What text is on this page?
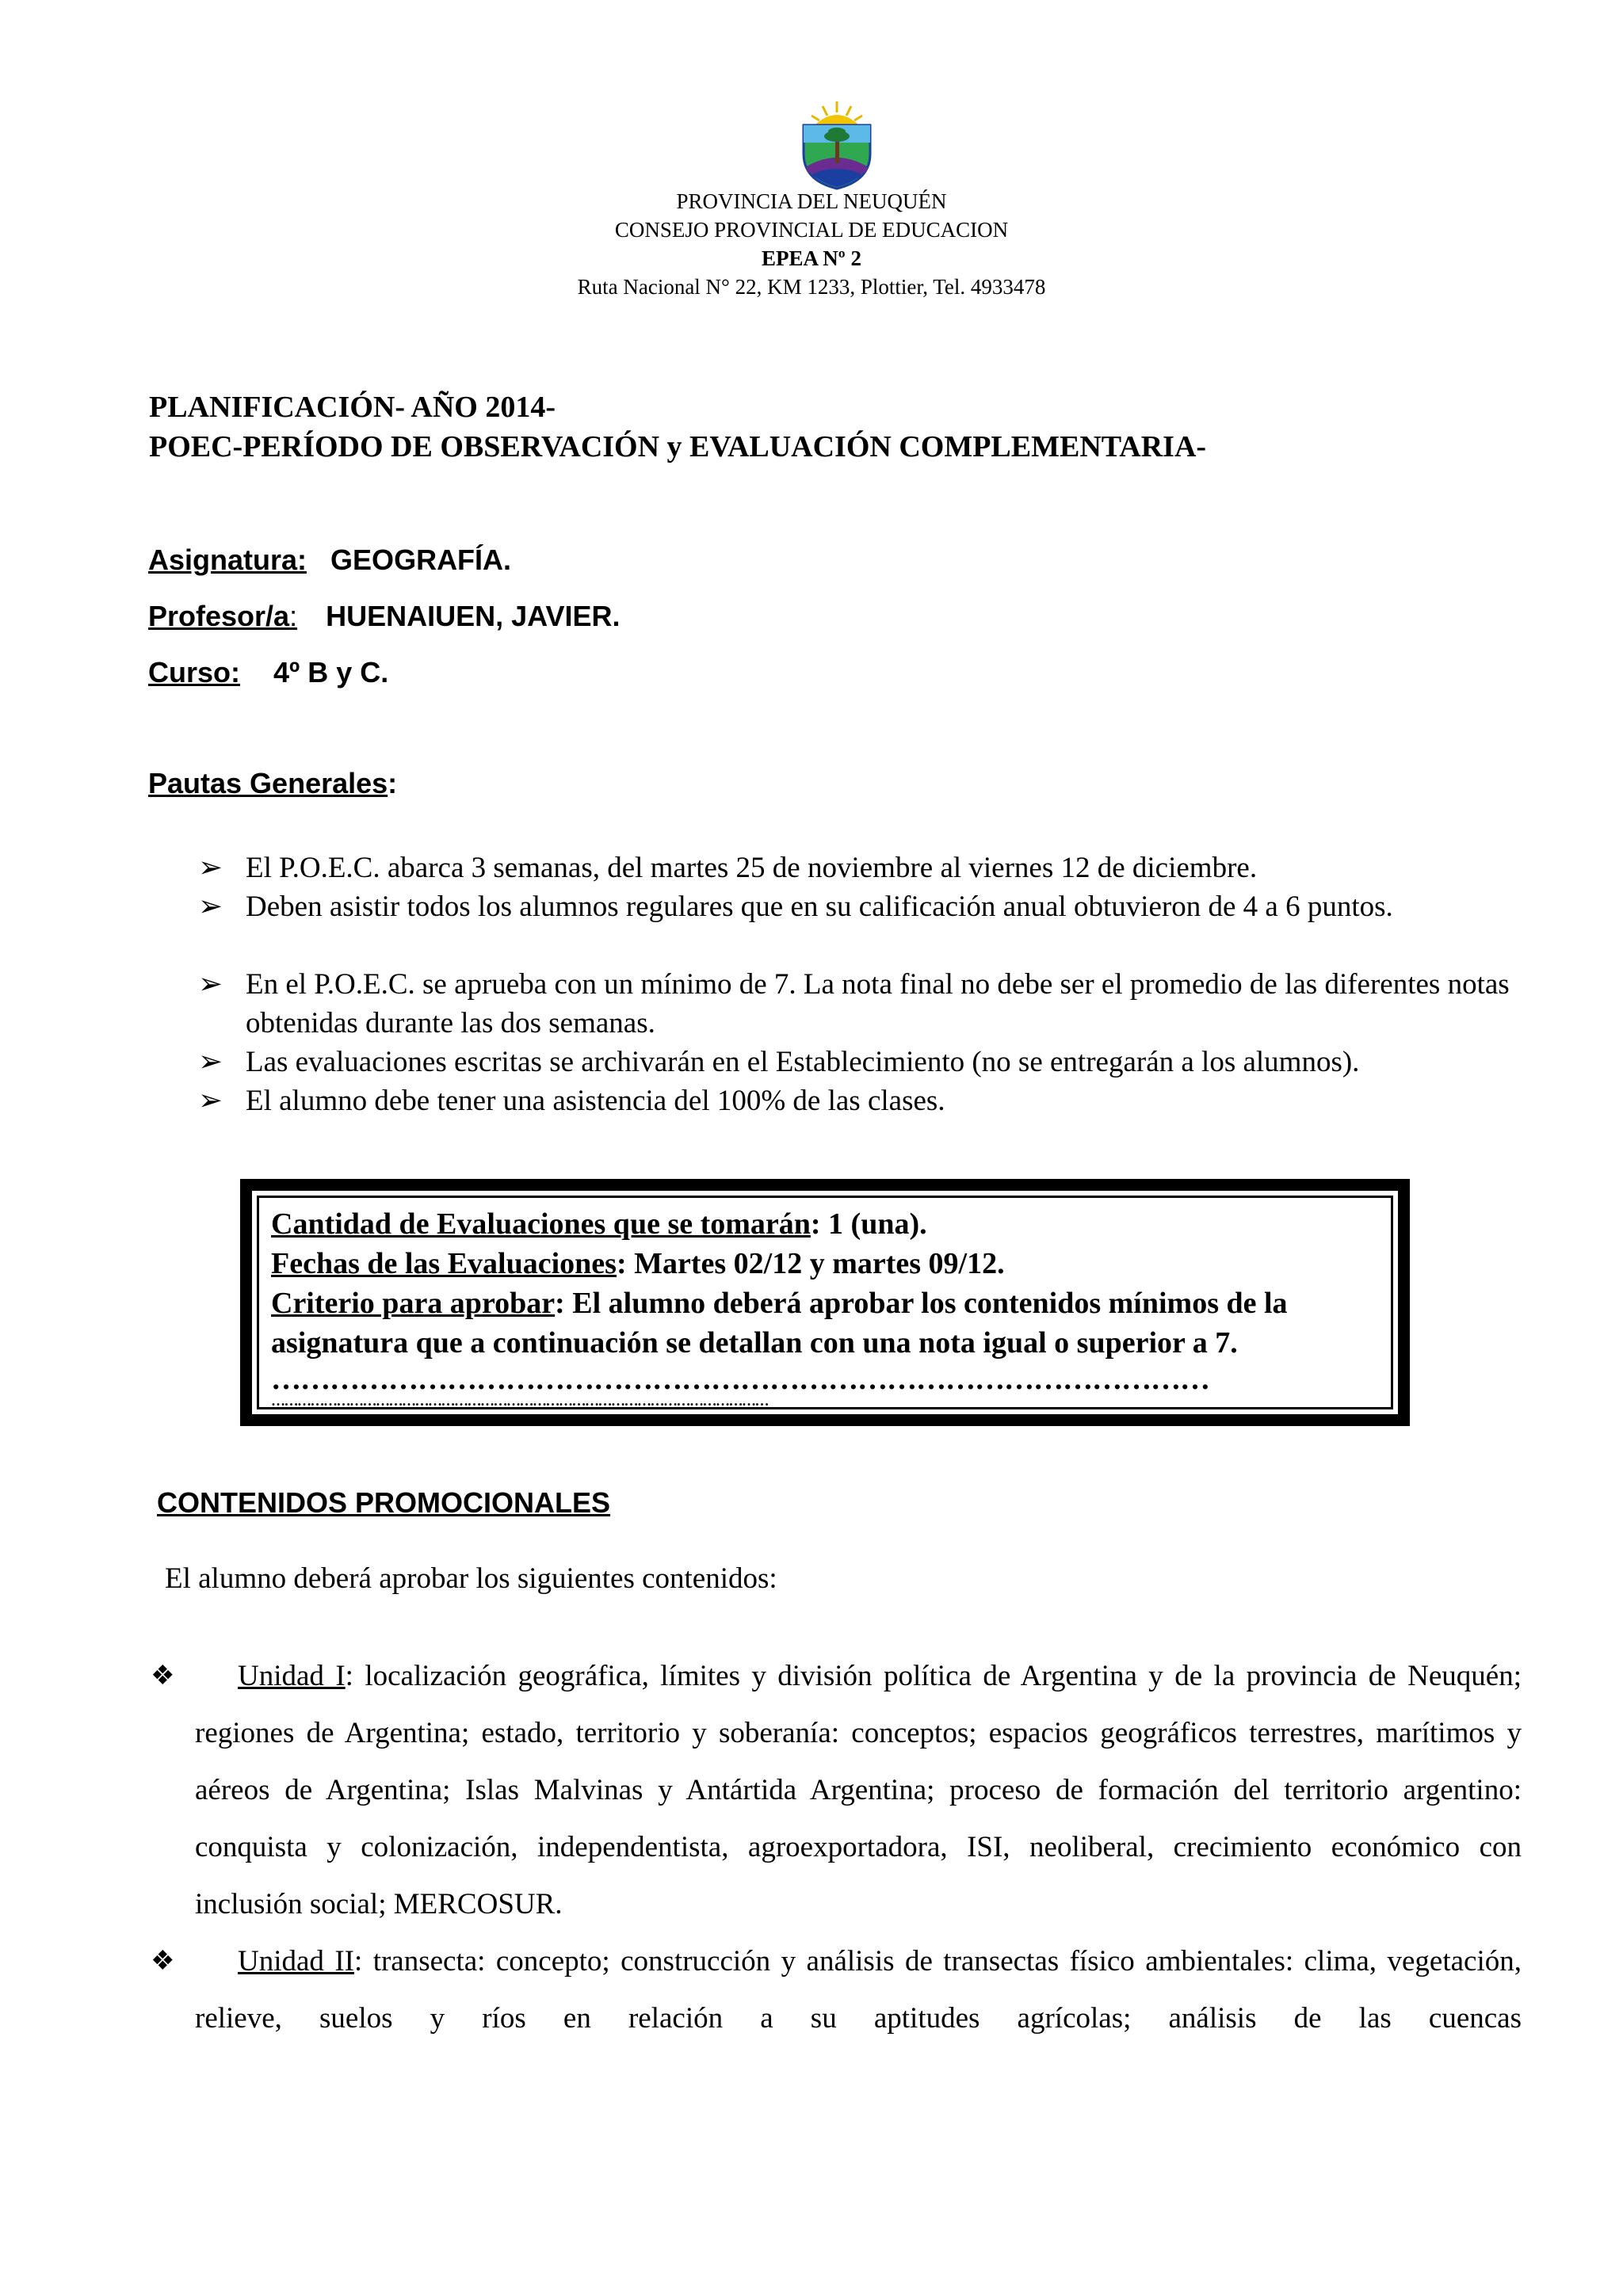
PROVINCIA DEL NEUQUÉN
CONSEJO PROVINCIAL DE EDUCACION
EPEA Nº 2
Ruta Nacional N° 22, KM 1233, Plottier, Tel. 4933478
PLANIFICACIÓN- AÑO 2014-
POEC-PERÍODO DE OBSERVACIÓN y EVALUACIÓN COMPLEMENTARIA-
Asignatura: GEOGRAFÍA.
Profesor/a: HUENAIUEN, JAVIER.
Curso: 4º B y C.
Pautas Generales:
➢ El P.O.E.C. abarca 3 semanas, del martes 25 de noviembre al viernes 12 de diciembre.
➢ Deben asistir todos los alumnos regulares que en su calificación anual obtuvieron de 4 a 6 puntos.
➢ En el P.O.E.C. se aprueba con un mínimo de 7. La nota final no debe ser el promedio de las diferentes notas obtenidas durante las dos semanas.
➢ Las evaluaciones escritas se archivarán en el Establecimiento (no se entregarán a los alumnos).
➢ El alumno debe tener una asistencia del 100% de las clases.
Cantidad de Evaluaciones que se tomarán: 1 (una).
Fechas de las Evaluaciones: Martes 02/12 y martes 09/12.
Criterio para aprobar: El alumno deberá aprobar los contenidos mínimos de la
asignatura que a continuación se detallan con una nota igual o superior a 7.
……………………………………………………………………………………
……………………………………………………………………………………………………
CONTENIDOS PROMOCIONALES
El alumno deberá aprobar los siguientes contenidos:
❖	Unidad I: localización geográfica, límites y división política de Argentina y de la provincia de Neuquén; regiones de Argentina; estado, territorio y soberanía: conceptos; espacios geográficos terrestres, marítimos y aéreos de Argentina; Islas Malvinas y Antártida Argentina; proceso de formación del territorio argentino: conquista y colonización, independentista, agroexportadora, ISI, neoliberal, crecimiento económico con inclusión social; MERCOSUR.
❖	Unidad II: transecta: concepto; construcción y análisis de transectas físico ambientales: clima, vegetación, relieve, suelos y ríos en relación a su aptitudes agrícolas; análisis de las cuencas
